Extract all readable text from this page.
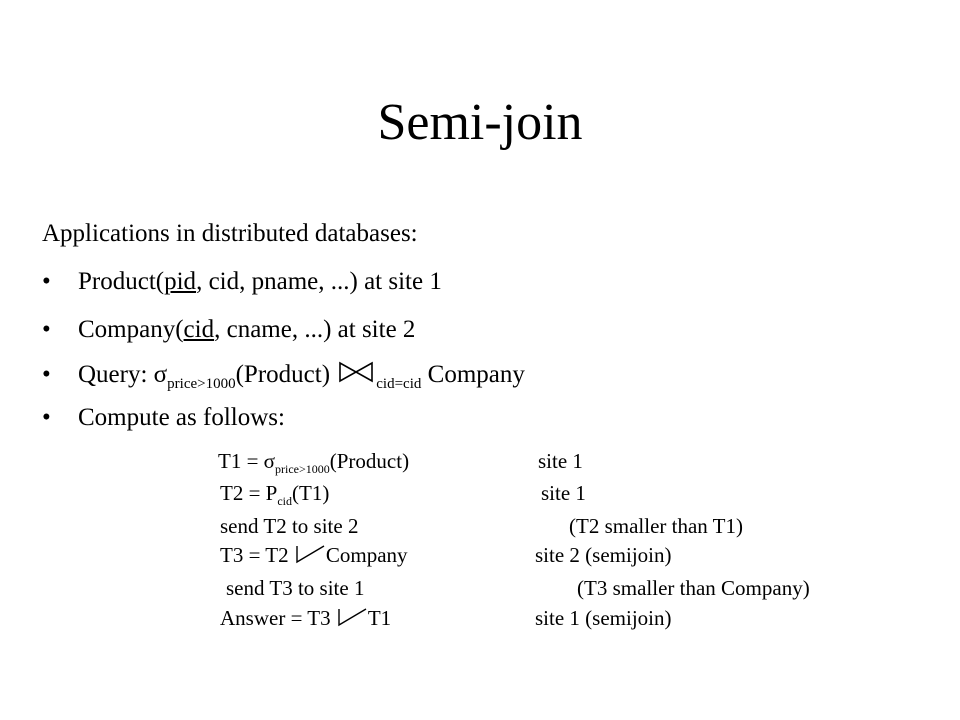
Semi-join
Applications in distributed databases:
• Product(pid, cid, pname, ...) at site 1
• Company(cid, cname, ...) at site 2
• Query: $\sigma_{price>1000}(Product)$	$_{cid=cid}$ Company
• Compute as follows:
$T1 = \sigma_{price>1000}(Product)$	site 1
$T2 = P_{cid}(T1)$	site 1
send T2 to site 2	(T2 smaller than T1)
T3 = T2 Company	site 2 (semijoin)
send T3 to site 1	(T3 smaller than Company)
Answer = T3 T1	site 1 (semijoin)
